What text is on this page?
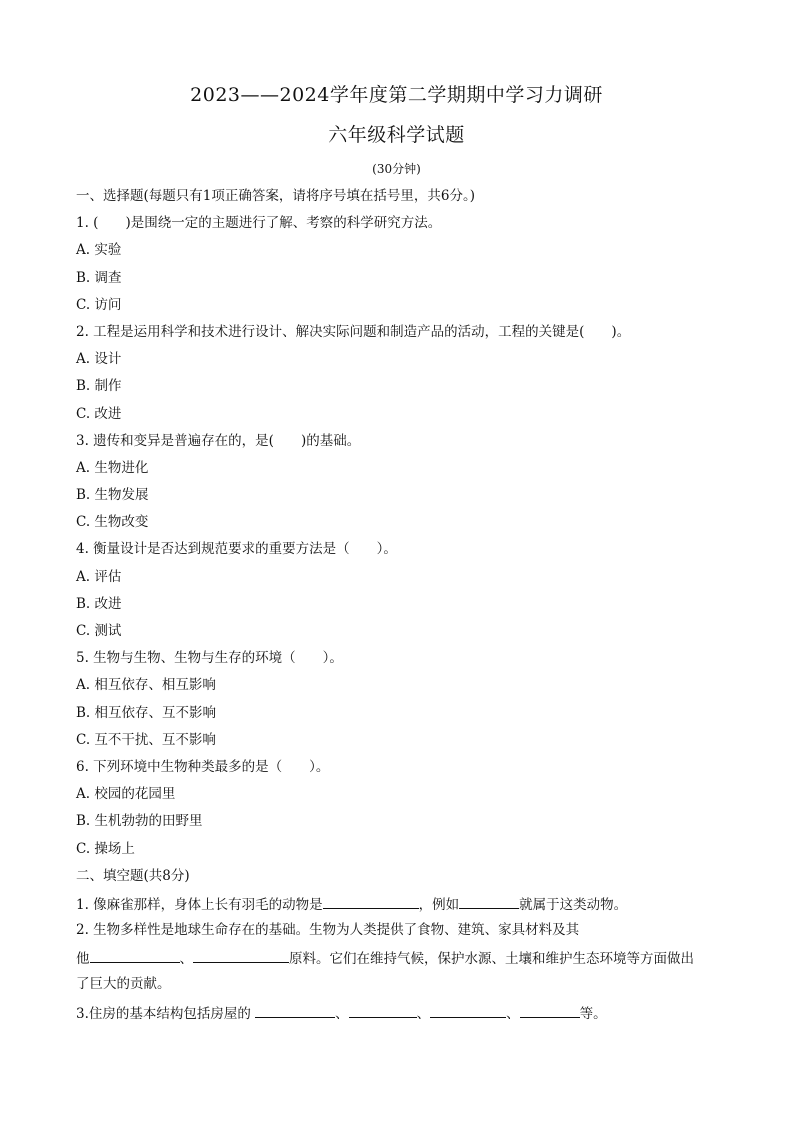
2023——2024学年度第二学期期中学习力调研
六年级科学试题
(30分钟)
一、选择题(每题只有1项正确答案，请将序号填在括号里，共6分。)
1. (　　)是围绕一定的主题进行了解、考察的科学研究方法。
A. 实验
B. 调查
C. 访问
2. 工程是运用科学和技术进行设计、解决实际问题和制造产品的活动，工程的关键是(　　)。
A. 设计
B. 制作
C. 改进
3. 遗传和变异是普遍存在的，是(　　)的基础。
A. 生物进化
B. 生物发展
C. 生物改变
4. 衡量设计是否达到规范要求的重要方法是（　　）。
A. 评估
B. 改进
C. 测试
5. 生物与生物、生物与生存的环境（　　）。
A. 相互依存、相互影响
B. 相互依存、互不影响
C. 互不干扰、互不影响
6. 下列环境中生物种类最多的是（　　）。
A. 校园的花园里
B. 生机勃勃的田野里
C. 操场上
二、填空题(共8分)
1. 像麻雀那样，身体上长有羽毛的动物是	，例如	就属于这类动物。
2. 生物多样性是地球生命存在的基础。生物为人类提供了食物、建筑、家具材料及其
他	、	原料。它们在维持气候，保护水源、土壤和维护生态环境等方面做出
了巨大的贡献。
3.住房的基本结构包括房屋的	、	、	、	等。
